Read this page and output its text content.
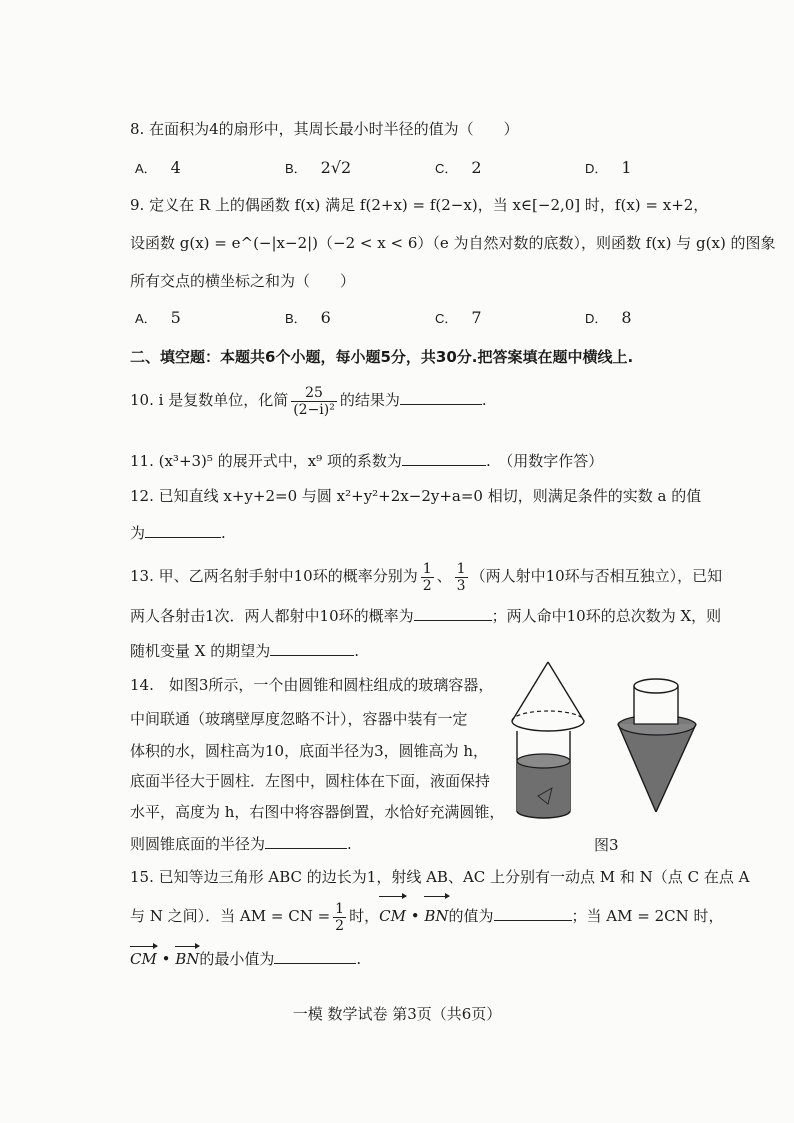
8. 在面积为4的扇形中，其周长最小时半径的值为（　　）
A． 4	B． 2√2	C． 2	D． 1
9. 定义在 R 上的偶函数 f(x) 满足 f(2+x) = f(2−x)，当 x∈[−2,0] 时，f(x) = x+2，
设函数 g(x) = e^(−|x−2|)（−2 < x < 6）（e 为自然对数的底数），则函数 f(x) 与 g(x) 的图象
所有交点的横坐标之和为（　　）
A． 5	B． 6	C． 7	D． 8
二、填空题：本题共6个小题，每小题5分，共30分.把答案填在题中横线上.
10. i 是复数单位，化简 $\frac{25}{\text{(2−i)²}}$ 的结果为	.
11. (x³+3)⁵ 的展开式中，x⁹ 项的系数为	.　（用数字作答）
12. 已知直线 x+y+2=0 与圆 x²+y²+2x−2y+a=0 相切，则满足条件的实数 a 的值
为	.
13. 甲、乙两名射手射中10环的概率分别为 $\frac{1}{2}$ 、 $\frac{1}{3}$ （两人射中10环与否相互独立），已知
两人各射击1次．两人都射中10环的概率为	；两人命中10环的总次数为 X，则
随机变量 X 的期望为	.
14.　如图3所示，一个由圆锥和圆柱组成的玻璃容器，
中间联通（玻璃壁厚度忽略不计），容器中装有一定
体积的水，圆柱高为10，底面半径为3，圆锥高为 h，
底面半径大于圆柱．左图中，圆柱体在下面，液面保持
水平，高度为 h，右图中将容器倒置，水恰好充满圆锥，
则圆锥底面的半径为	.	图3
15. 已知等边三角形 ABC 的边长为1，射线 AB、AC 上分别有一动点 M 和 N（点 C 在点 A
与 N 之间）．当 AM = CN = $\frac{1}{2}$ 时，CM • BN的值为	；当 AM = 2CN 时，
CM • BN的最小值为	.
一模 数学试卷 第3页（共6页）
